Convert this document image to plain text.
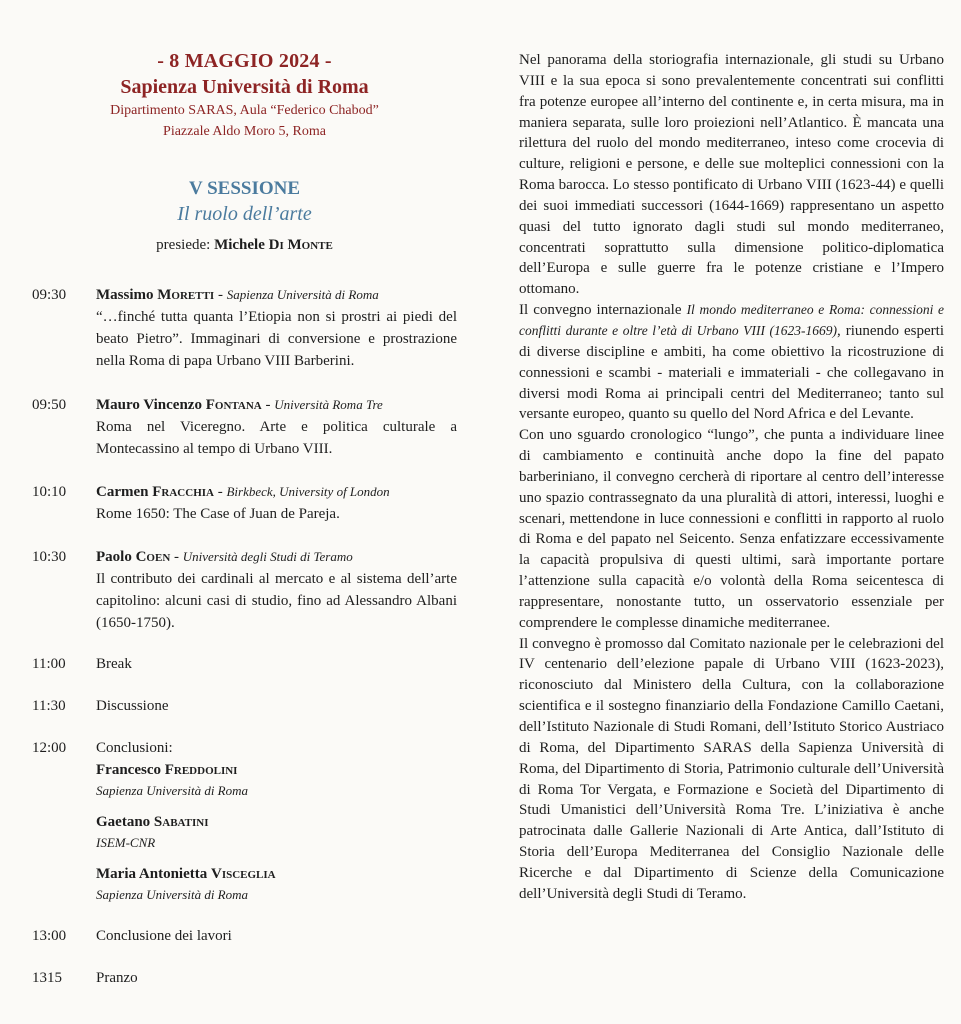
- 8 MAGGIO 2024 -
Sapienza Università di Roma
Dipartimento SARAS, Aula “Federico Chabod”
Piazzale Aldo Moro 5, Roma
V SESSIONE
Il ruolo dell’arte
presiede: Michele Di Monte
09:30	Massimo Moretti - Sapienza Università di Roma
“…finché tutta quanta l’Etiopia non si prostri ai piedi del beato Pietro”. Immaginari di conversione e prostrazione nella Roma di papa Urbano VIII Barberini.
09:50	Mauro Vincenzo Fontana - Università Roma Tre
Roma nel Viceregno. Arte e politica culturale a Montecassino al tempo di Urbano VIII.
10:10	Carmen Fracchia - Birkbeck, University of London
Rome 1650: The Case of Juan de Pareja.
10:30	Paolo Coen - Università degli Studi di Teramo
Il contributo dei cardinali al mercato e al sistema dell’arte capitolino: alcuni casi di studio, fino ad Alessandro Albani (1650-1750).
11:00	Break
11:30	Discussione
12:00	Conclusioni:
Francesco Freddolini
Sapienza Università di Roma
Gaetano Sabatini
ISEM-CNR
Maria Antonietta Visceglia
Sapienza Università di Roma
13:00	Conclusione dei lavori
1315	Pranzo

Nel panorama della storiografia internazionale, gli studi su Urbano VIII e la sua epoca si sono prevalentemente concentrati sui conflitti fra potenze europee all’interno del continente e, in certa misura, ma in maniera separata, sulle loro proiezioni nell’Atlantico. È mancata una rilettura del ruolo del mondo mediterraneo, inteso come crocevia di culture, religioni e persone, e delle sue molteplici connessioni con la Roma barocca. Lo stesso pontificato di Urbano VIII (1623-44) e quelli dei suoi immediati successori (1644-1669) rappresentano un aspetto quasi del tutto ignorato dagli studi sul mondo mediterraneo, concentrati soprattutto sulla dimensione politico-diplomatica dell’Europa e sulle guerre fra le potenze cristiane e l’Impero ottomano.

Il convegno internazionale Il mondo mediterraneo e Roma: connessioni e conflitti durante e oltre l’età di Urbano VIII (1623-1669), riunendo esperti di diverse discipline e ambiti, ha come obiettivo la ricostruzione di connessioni e scambi - materiali e immateriali - che collegavano in diversi modi Roma ai principali centri del Mediterraneo; tanto sul versante europeo, quanto su quello del Nord Africa e del Levante.

Con uno sguardo cronologico “lungo”, che punta a individuare linee di cambiamento e continuità anche dopo la fine del papato barberiniano, il convegno cercherà di riportare al centro dell’interesse uno spazio contrassegnato da una pluralità di attori, interessi, luoghi e scenari, mettendone in luce connessioni e conflitti in rapporto al ruolo di Roma e del papato nel Seicento. Senza enfatizzare eccessivamente la capacità propulsiva di questi ultimi, sarà importante portare l’attenzione sulla capacità e/o volontà della Roma seicentesca di rappresentare, nonostante tutto, un osservatorio essenziale per comprendere le complesse dinamiche mediterranee.

Il convegno è promosso dal Comitato nazionale per le celebrazioni del IV centenario dell’elezione papale di Urbano VIII (1623-2023), riconosciuto dal Ministero della Cultura, con la collaborazione scientifica e il sostegno finanziario della Fondazione Camillo Caetani, dell’Istituto Nazionale di Studi Romani, dell’Istituto Storico Austriaco di Roma, del Dipartimento SARAS della Sapienza Università di Roma, del Dipartimento di Storia, Patrimonio culturale dell’Università di Roma Tor Vergata, e Formazione e Società del Dipartimento di Studi Umanistici dell’Università Roma Tre. L’iniziativa è anche patrocinata dalle Gallerie Nazionali di Arte Antica, dall’Istituto di Storia dell’Europa Mediterranea del Consiglio Nazionale delle Ricerche e dal Dipartimento di Scienze della Comunicazione dell’Università degli Studi di Teramo.
